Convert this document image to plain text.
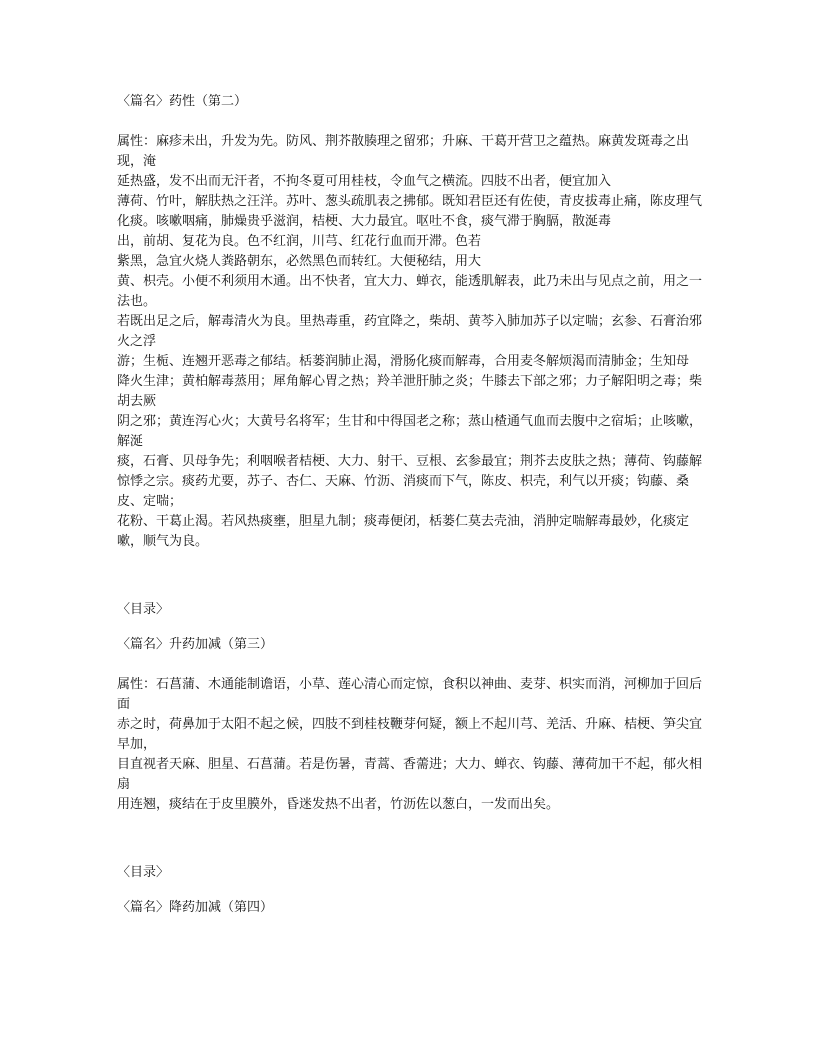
〈篇名〉药性（第二）

属性：麻疹未出，升发为先。防风、荆芥散腠理之留邪；升麻、干葛开营卫之蕴热。麻黄发斑毒之出现，淹

延热盛，发不出而无汗者，不拘冬夏可用桂枝，令血气之横流。四肢不出者，便宜加入

薄荷、竹叶，解肤热之汪洋。苏叶、葱头疏肌表之拂郁。既知君臣还有佐使，青皮拔毒止痛，陈皮理气

化痰。咳嗽咽痛，肺燥贵乎滋润，桔梗、大力最宜。呕吐不食，痰气滞于胸膈，散涎毒

出，前胡、复花为良。色不红润，川芎、红花行血而开滞。色若

紫黑，急宜火烧人粪路朝东，必然黑色而转红。大便秘结，用大

黄、枳壳。小便不利须用木通。出不快者，宜大力、蝉衣，能透肌解表，此乃未出与见点之前，用之一法也。

若既出足之后，解毒清火为良。里热毒重，药宜降之，柴胡、黄芩入肺加苏子以定喘；玄参、石膏治邪火之浮

游；生栀、连翘开恶毒之郁结。栝蒌润肺止渴，滑肠化痰而解毒，合用麦冬解烦渴而清肺金；生知母

降火生津；黄柏解毒蒸用；犀角解心胃之热；羚羊泄肝肺之炎；牛膝去下部之邪；力子解阳明之毒；柴胡去厥

阴之邪；黄连泻心火；大黄号名将军；生甘和中得国老之称；蒸山楂通气血而去腹中之宿垢；止咳嗽，解涎

痰，石膏、贝母争先；利咽喉者桔梗、大力、射干、豆根、玄参最宜；荆芥去皮肤之热；薄荷、钩藤解

惊悸之宗。痰药尤要，苏子、杏仁、天麻、竹沥、消痰而下气，陈皮、枳壳，利气以开痰；钩藤、桑皮、定喘；

花粉、干葛止渴。若风热痰壅，胆星九制；痰毒便闭，栝蒌仁莫去壳油，消肿定喘解毒最妙，化痰定嗽，顺气为良。

〈目录〉

〈篇名〉升药加减（第三）

属性：石菖蒲、木通能制谵语，小草、莲心清心而定惊，食积以神曲、麦芽、枳实而消，河柳加于回后面

赤之时，荷鼻加于太阳不起之候，四肢不到桂枝鞭芽何疑，额上不起川芎、羌活、升麻、桔梗、笋尖宜早加，

目直视者天麻、胆星、石菖蒲。若是伤暑，青蒿、香薷进；大力、蝉衣、钩藤、薄荷加干不起，郁火相扇

用连翘，痰结在于皮里膜外，昏迷发热不出者，竹沥佐以葱白，一发而出矣。

〈目录〉

〈篇名〉降药加减（第四）
